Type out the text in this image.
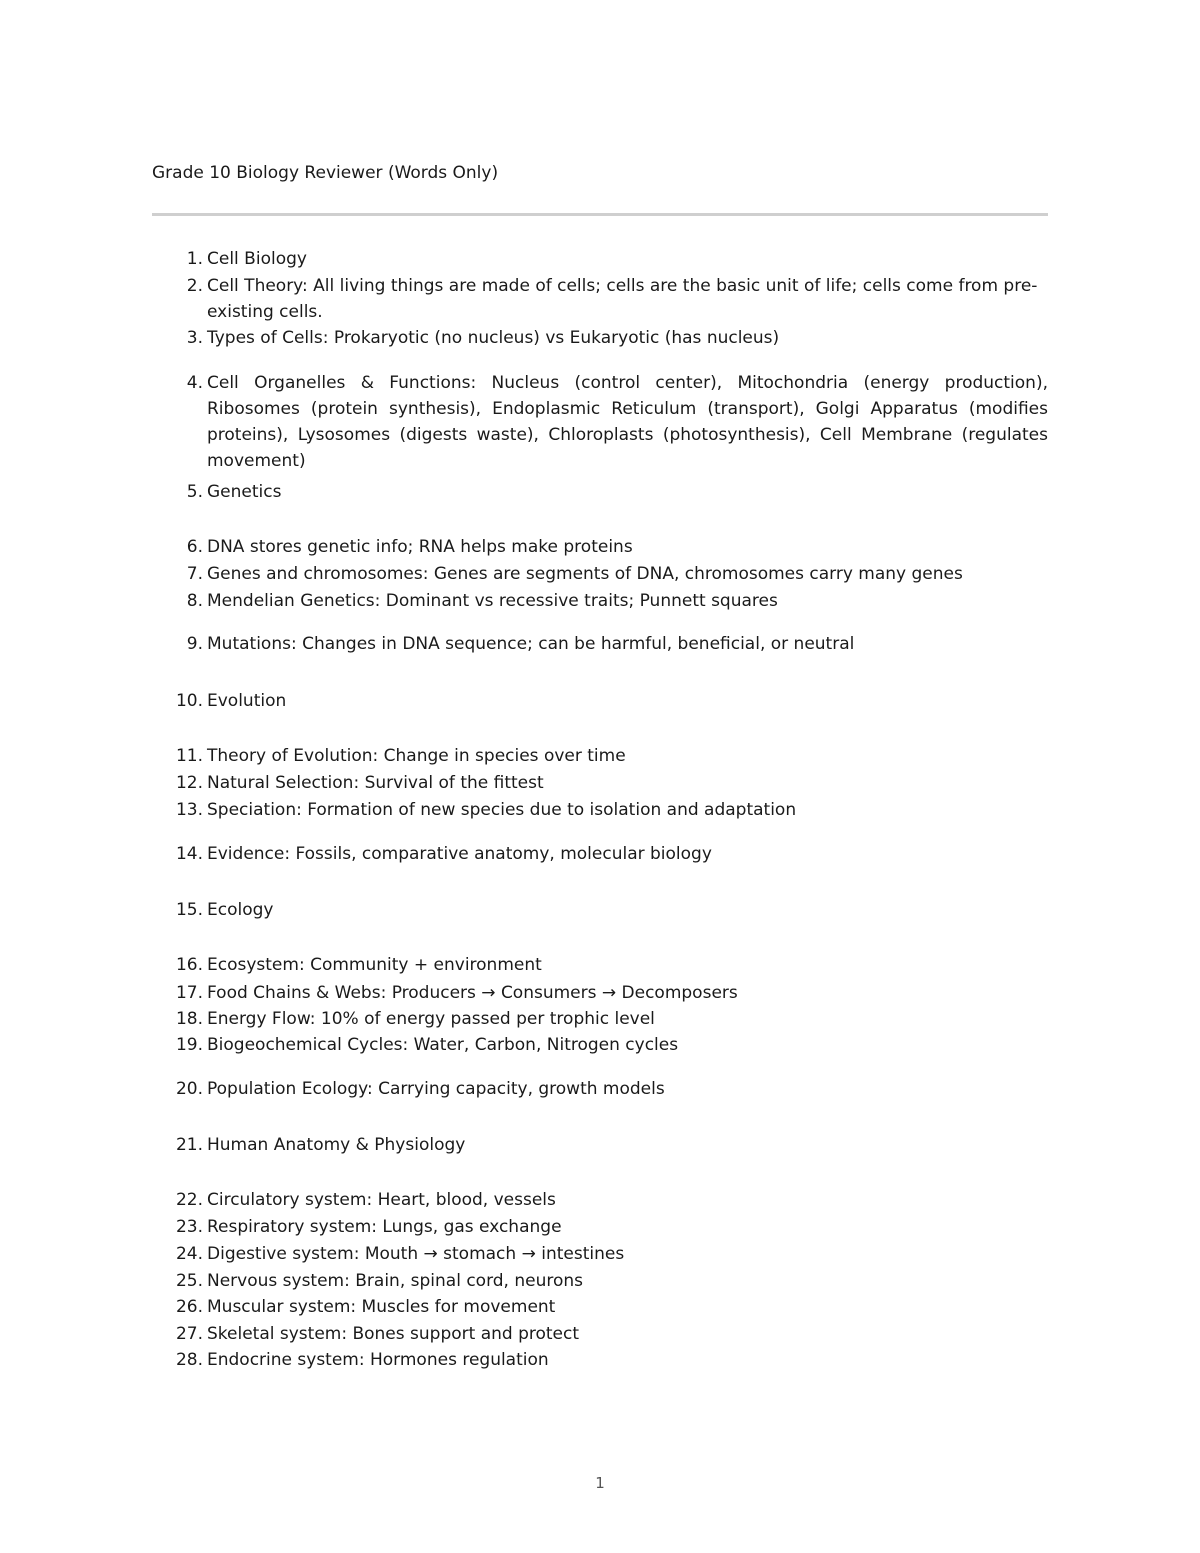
Grade 10 Biology Reviewer (Words Only)
1. Cell Biology
2. Cell Theory: All living things are made of cells; cells are the basic unit of life; cells come from pre-existing cells.
3. Types of Cells: Prokaryotic (no nucleus) vs Eukaryotic (has nucleus)
4. Cell Organelles & Functions: Nucleus (control center), Mitochondria (energy production), Ribosomes (protein synthesis), Endoplasmic Reticulum (transport), Golgi Apparatus (modifies proteins), Lysosomes (digests waste), Chloroplasts (photosynthesis), Cell Membrane (regulates movement)
5. Genetics
6. DNA stores genetic info; RNA helps make proteins
7. Genes and chromosomes: Genes are segments of DNA, chromosomes carry many genes
8. Mendelian Genetics: Dominant vs recessive traits; Punnett squares
9. Mutations: Changes in DNA sequence; can be harmful, beneficial, or neutral
10. Evolution
11. Theory of Evolution: Change in species over time
12. Natural Selection: Survival of the fittest
13. Speciation: Formation of new species due to isolation and adaptation
14. Evidence: Fossils, comparative anatomy, molecular biology
15. Ecology
16. Ecosystem: Community + environment
17. Food Chains & Webs: Producers → Consumers → Decomposers
18. Energy Flow: 10% of energy passed per trophic level
19. Biogeochemical Cycles: Water, Carbon, Nitrogen cycles
20. Population Ecology: Carrying capacity, growth models
21. Human Anatomy & Physiology
22. Circulatory system: Heart, blood, vessels
23. Respiratory system: Lungs, gas exchange
24. Digestive system: Mouth → stomach → intestines
25. Nervous system: Brain, spinal cord, neurons
26. Muscular system: Muscles for movement
27. Skeletal system: Bones support and protect
28. Endocrine system: Hormones regulation
1
